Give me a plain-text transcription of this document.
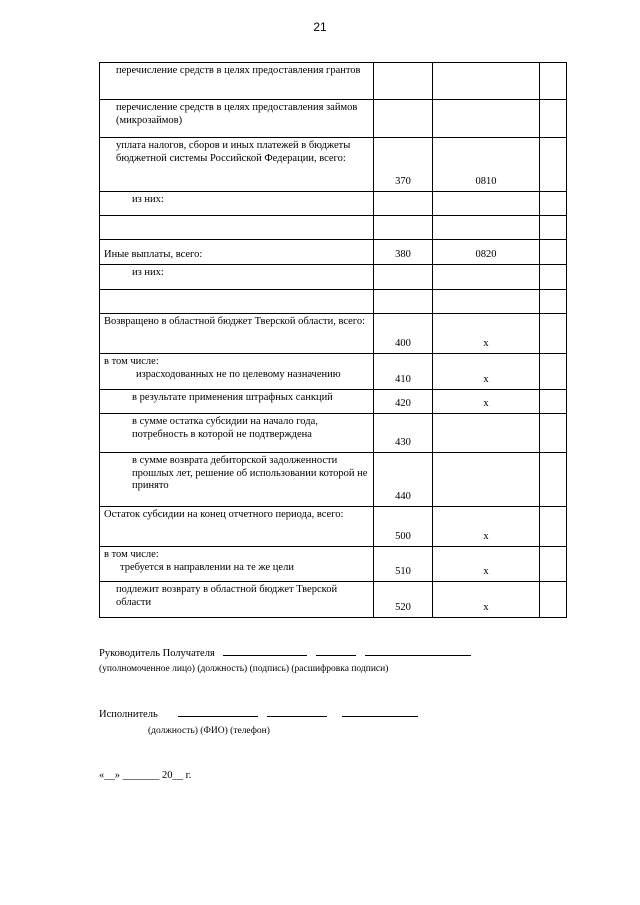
21
перечисление средств в целях предоставления грантов			
перечисление средств в целях предоставления займов (микрозаймов)			
уплата налогов, сборов и иных платежей в бюджеты бюджетной системы Российской Федерации, всего:	370	0810	
из них:			

Иные выплаты, всего:	380	0820	
из них:			

Возвращено в областной бюджет Тверской области, всего:	400	x	

в том числе:
израсходованных не по целевому назначению	410	x	
в результате применения штрафных санкций	420	x	
в сумме остатка субсидии на начало года, потребность в которой не подтверждена	430		
в сумме возврата дебиторской задолженности прошлых лет, решение об использовании которой не принято	440		
Остаток субсидии на конец отчетного периода, всего:	500	x	

в том числе:
требуется в направлении на те же цели	510	x	
подлежит возврату в областной бюджет Тверской области	520	x	
Руководитель Получателя
(уполномоченное лицо) (должность) (подпись) (расшифровка подписи)
Исполнитель
(должность) (ФИО) (телефон)
«__» _______ 20__ г.
